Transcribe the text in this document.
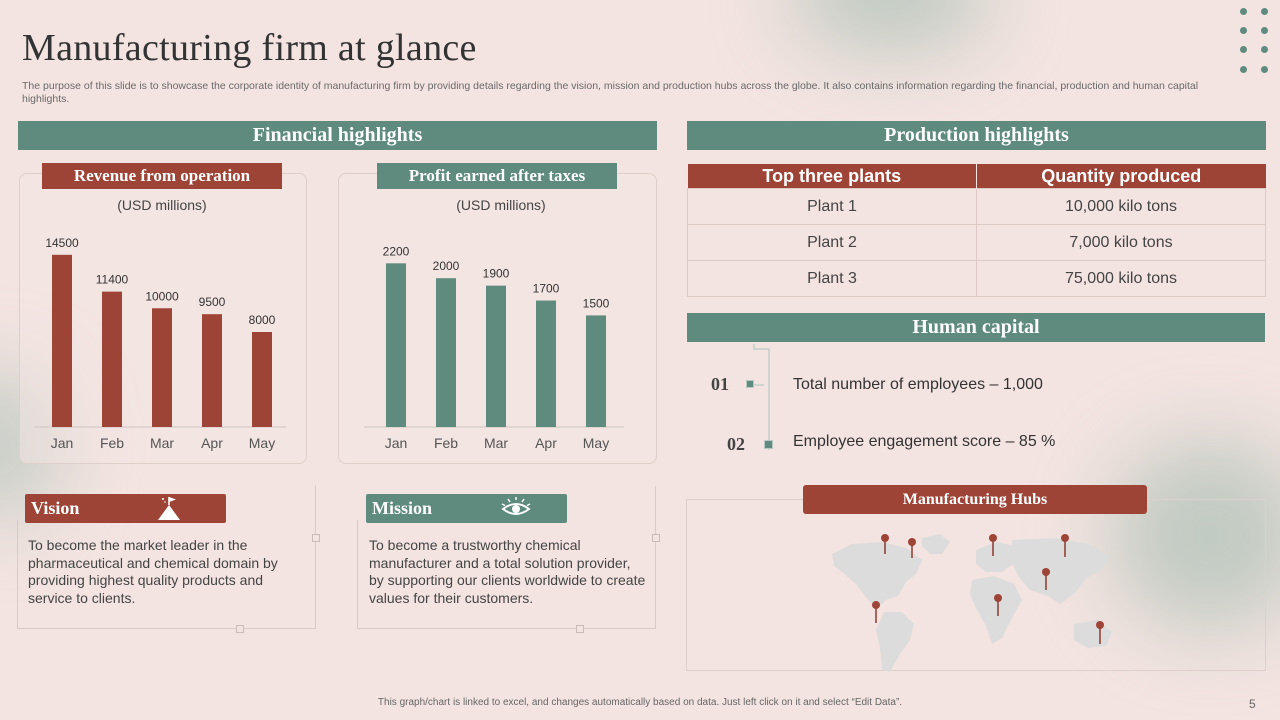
Manufacturing firm at glance
The purpose of this slide is to showcase the corporate identity of manufacturing firm by providing details regarding the vision, mission and production hubs across the globe. It also contains information regarding the financial, production and human capital highlights.
Financial highlights
Revenue from operation
(USD millions)
14500
Jan
11400
Feb
10000
Mar
9500
Apr
8000
May
Profit earned after taxes
(USD millions)
2200
Jan
2000
Feb
1900
Mar
1700
Apr
1500
May
Production highlights
Top three plants	Quantity produced
Plant 1	10,000 kilo tons
Plant 2	7,000 kilo tons
Plant 3	75,000 kilo tons
Human capital
01	Total number of employees – 1,000
02	Employee engagement score – 85 %
Vision
To become the market leader in the pharmaceutical and chemical domain by providing highest quality products and service to clients.
Mission
To become a trustworthy chemical manufacturer and a total solution provider, by supporting our clients worldwide to create values for their customers.
Manufacturing Hubs
This graph/chart is linked to excel, and changes automatically based on data. Just left click on it and select “Edit Data”.	5
